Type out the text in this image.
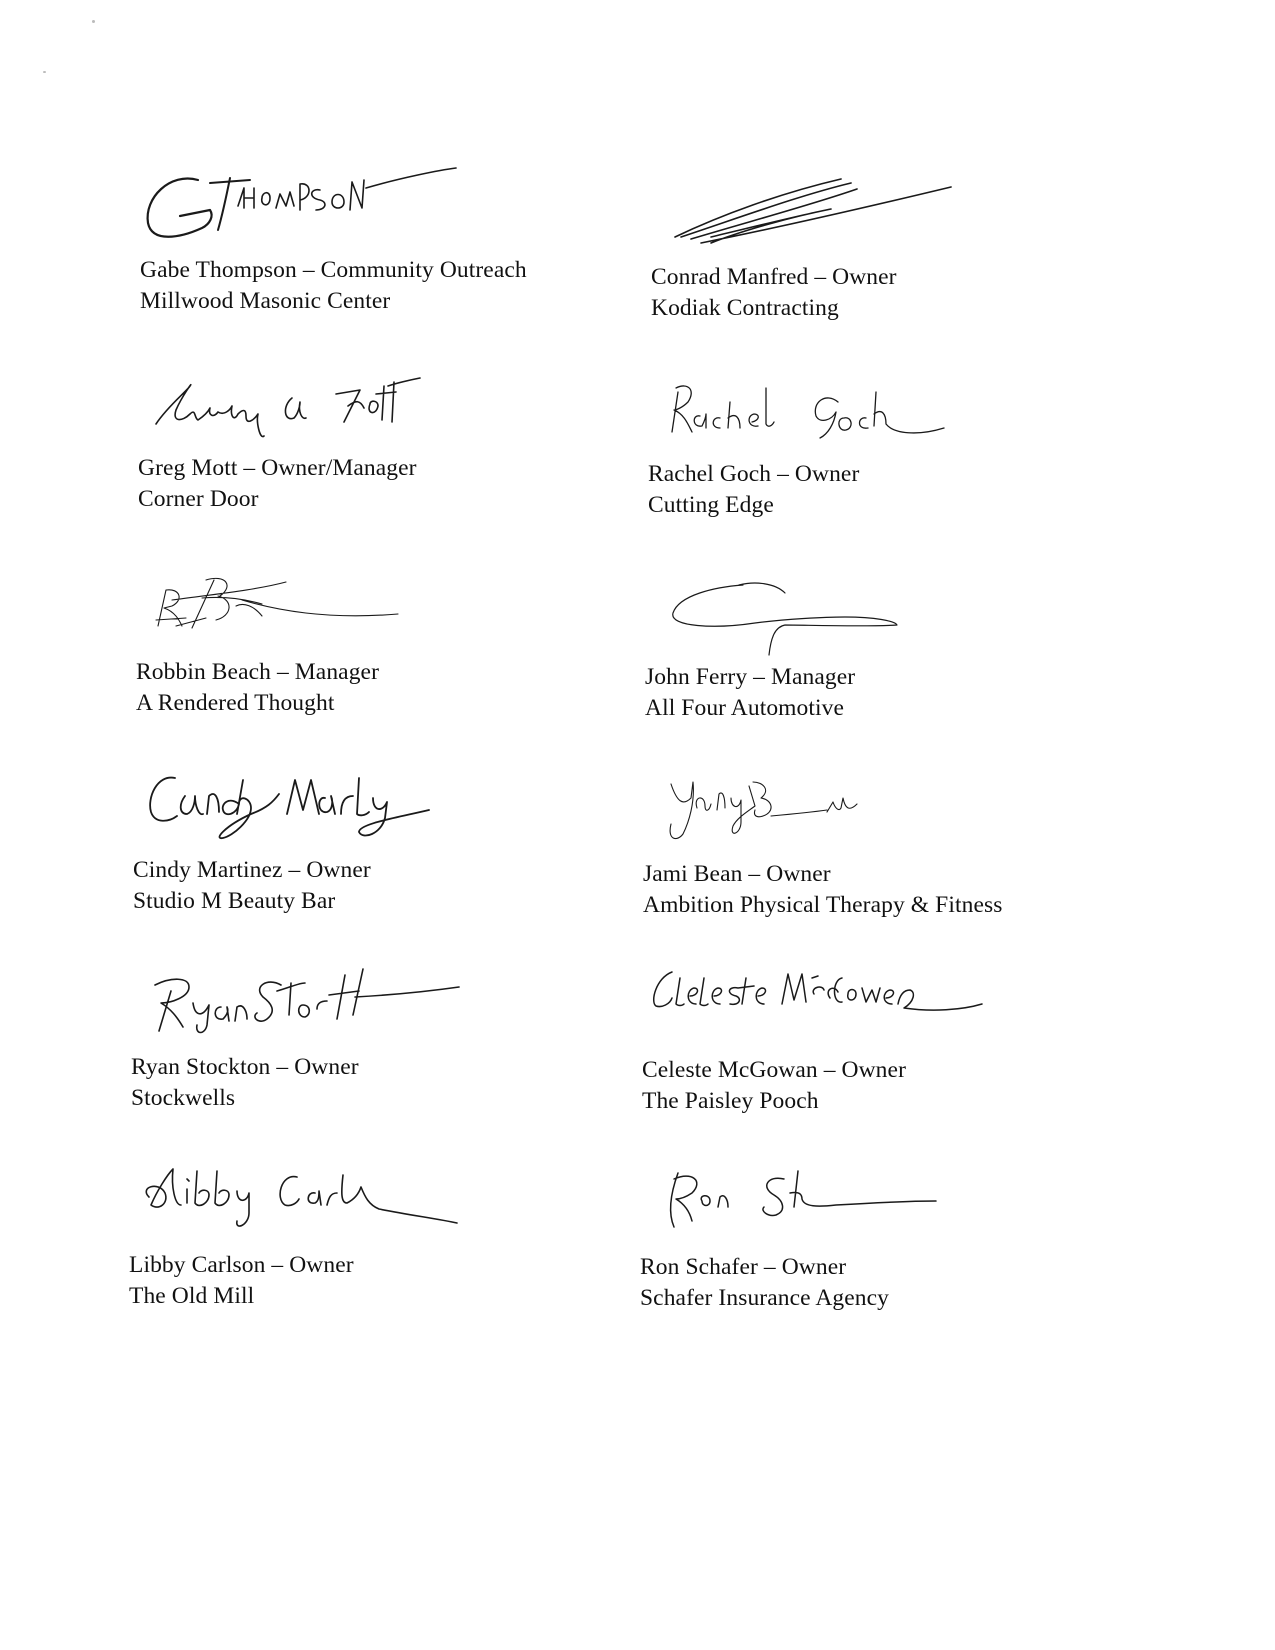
Gabe Thompson – Community Outreach
Millwood Masonic Center
Conrad Manfred – Owner
Kodiak Contracting
Greg Mott – Owner/Manager
Corner Door
Rachel Goch – Owner
Cutting Edge
Robbin Beach – Manager
A Rendered Thought
John Ferry – Manager
All Four Automotive
Cindy Martinez – Owner
Studio M Beauty Bar
Jami Bean – Owner
Ambition Physical Therapy & Fitness
Ryan Stockton – Owner
Stockwells
Celeste McGowan – Owner
The Paisley Pooch
Libby Carlson – Owner
The Old Mill
Ron Schafer – Owner
Schafer Insurance Agency
